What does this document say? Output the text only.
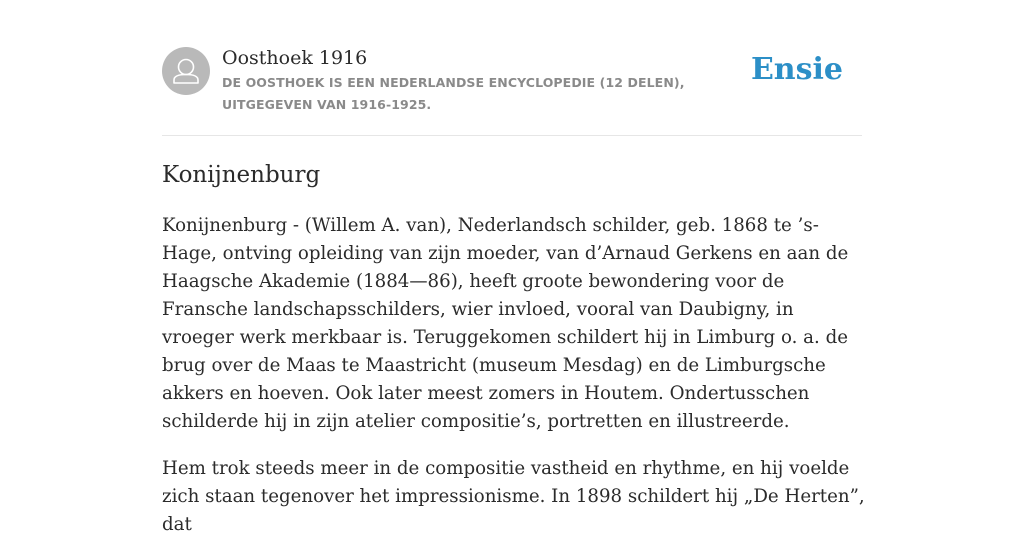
Oosthoek 1916
DE OOSTHOEK IS EEN NEDERLANDSE ENCYCLOPEDIE (12 DELEN), UITGEGEVEN VAN 1916-1925.
Ensie
Konijnenburg

Konijnenburg - (Willem A. van), Nederlandsch schilder, geb. 1868 te ’s-Hage, ontving opleiding van zijn moeder, van d’Arnaud Gerkens en aan de Haagsche Akademie (1884—86), heeft groote bewondering voor de Fransche landschapsschilders, wier invloed, vooral van Daubigny, in vroeger werk merkbaar is. Teruggekomen schildert hij in Limburg o. a. de brug over de Maas te Maastricht (museum Mesdag) en de Limburgsche akkers en hoeven. Ook later meest zomers in Houtem. Ondertusschen schilderde hij in zijn atelier compositie’s, portretten en illustreerde.

Hem trok steeds meer in de compositie vastheid en rhythme, en hij voelde zich staan tegenover het impressionisme. In 1898 schildert hij „De Herten”, dat
